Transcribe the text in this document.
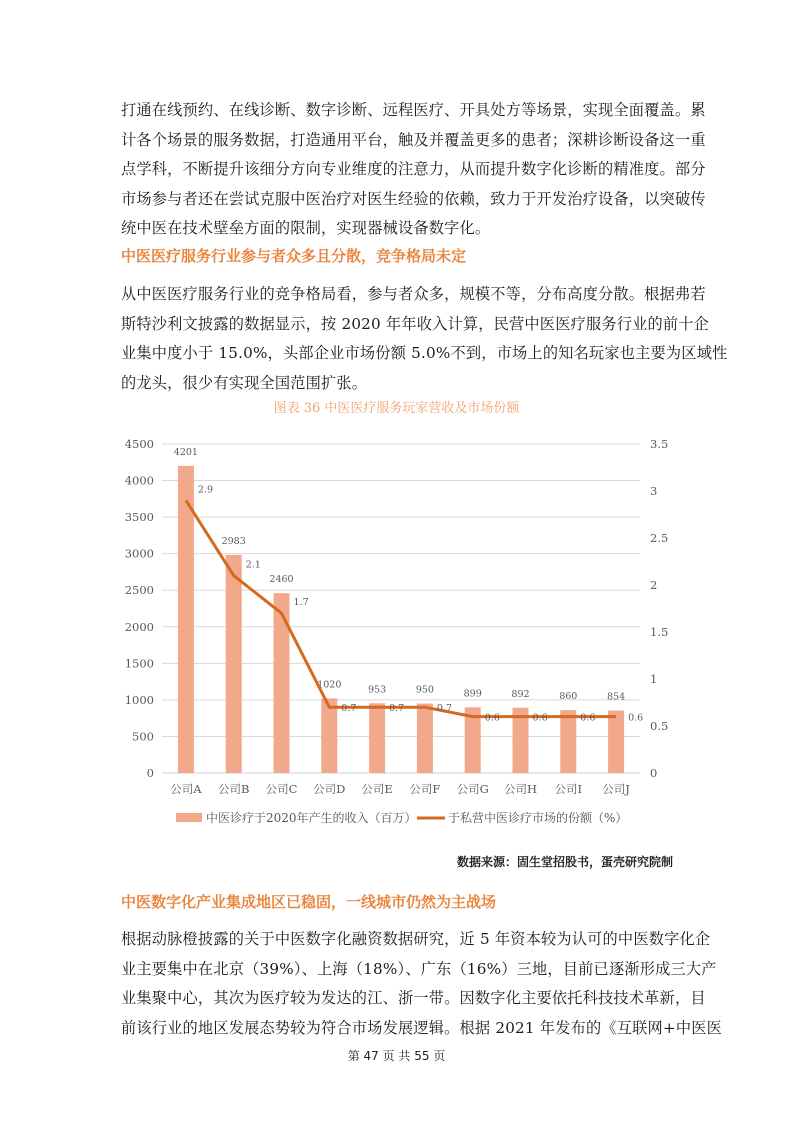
打通在线预约、在线诊断、数字诊断、远程医疗、开具处方等场景，实现全面覆盖。累
计各个场景的服务数据，打造通用平台，触及并覆盖更多的患者；深耕诊断设备这一重
点学科，不断提升该细分方向专业维度的注意力，从而提升数字化诊断的精准度。部分
市场参与者还在尝试克服中医治疗对医生经验的依赖，致力于开发治疗设备，以突破传
统中医在技术壁垒方面的限制，实现器械设备数字化。
中医医疗服务行业参与者众多且分散，竞争格局未定
从中医医疗服务行业的竞争格局看，参与者众多，规模不等，分布高度分散。根据弗若
斯特沙利文披露的数据显示，按 2020 年年收入计算，民营中医医疗服务行业的前十企
业集中度小于 15.0%，头部企业市场份额 5.0%不到，市场上的知名玩家也主要为区域性
的龙头，很少有实现全国范围扩张。
图表 36 中医医疗服务玩家营收及市场份额
0
500
1000
1500
2000
2500
3000
3500
4000
4500
0
0.5
1
1.5
2
2.5
3
3.5
4201
2983
2460
1020	953	950	899	892	860	854
2.9
2.1
1.7
0.7	0.7	0.7
0.6	0.6	0.6	0.6
公司A 公司B 公司C 公司D 公司E 公司F 公司G 公司H 公司I 公司J
中医诊疗于2020年产生的收入（百万）	于私营中医诊疗市场的份额（%）
数据来源：固生堂招股书，蛋壳研究院制
中医数字化产业集成地区已稳固，一线城市仍然为主战场
根据动脉橙披露的关于中医数字化融资数据研究，近 5 年资本较为认可的中医数字化企
业主要集中在北京（39%）、上海（18%）、广东（16%）三地，目前已逐渐形成三大产
业集聚中心，其次为医疗较为发达的江、浙一带。因数字化主要依托科技技术革新，目
前该行业的地区发展态势较为符合市场发展逻辑。根据 2021 年发布的《互联网+中医医
第 47 页 共 55 页
